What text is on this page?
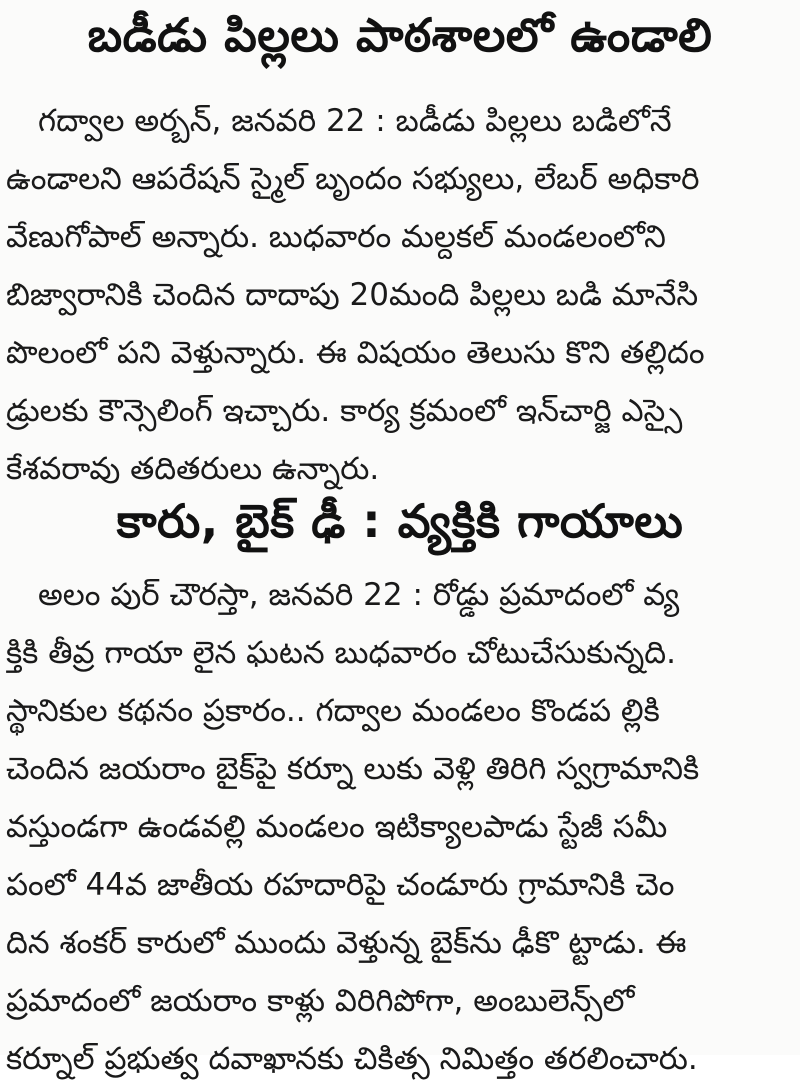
బడీడు పిల్లలు పాఠశాలలో ఉండాలి

గద్వాల అర్బన్, జనవరి 22 : బడీడు పిల్లలు బడిలోనే

ఉండాలని ఆపరేషన్ స్మైల్ బృందం సభ్యులు, లేబర్ అధికారి

వేణుగోపాల్ అన్నారు. బుధవారం మల్దకల్ మండలంలోని

బిజ్వారానికి చెందిన దాదాపు 20మంది పిల్లలు బడి మానేసి

పొలంలో పని వెళ్తున్నారు. ఈ విషయం తెలుసు కొని తల్లిదం

డ్రులకు కౌన్సెలింగ్ ఇచ్చారు. కార్య క్రమంలో ఇన్‌చార్జి ఎస్సై

కేశవరావు తదితరులు ఉన్నారు.

కారు, బైక్ ఢీ : వ్యక్తికి గాయాలు

అలం పుర్ చౌరస్తా, జనవరి 22 : రోడ్డు ప్రమాదంలో వ్య

క్తికి తీవ్ర గాయా లైన ఘటన బుధవారం చోటుచేసుకున్నది.

స్థానికుల కథనం ప్రకారం.. గద్వాల మండలం కొండప ల్లికి

చెందిన జయరాం బైక్‌పై కర్నూ లుకు వెళ్లి తిరిగి స్వగ్రామానికి

వస్తుండగా ఉండవల్లి మండలం ఇటిక్యాలపాడు స్టేజీ సమీ

పంలో 44వ జాతీయ రహదారిపై చండూరు గ్రామానికి చెం

దిన శంకర్ కారులో ముందు వెళ్తున్న బైక్‌ను ఢీకొ ట్టాడు. ఈ

ప్రమాదంలో జయరాం కాళ్లు విరిగిపోగా, అంబులెన్స్‌లో

కర్నూల్ ప్రభుత్వ దవాఖానకు చికిత్స నిమిత్తం తరలించారు.
